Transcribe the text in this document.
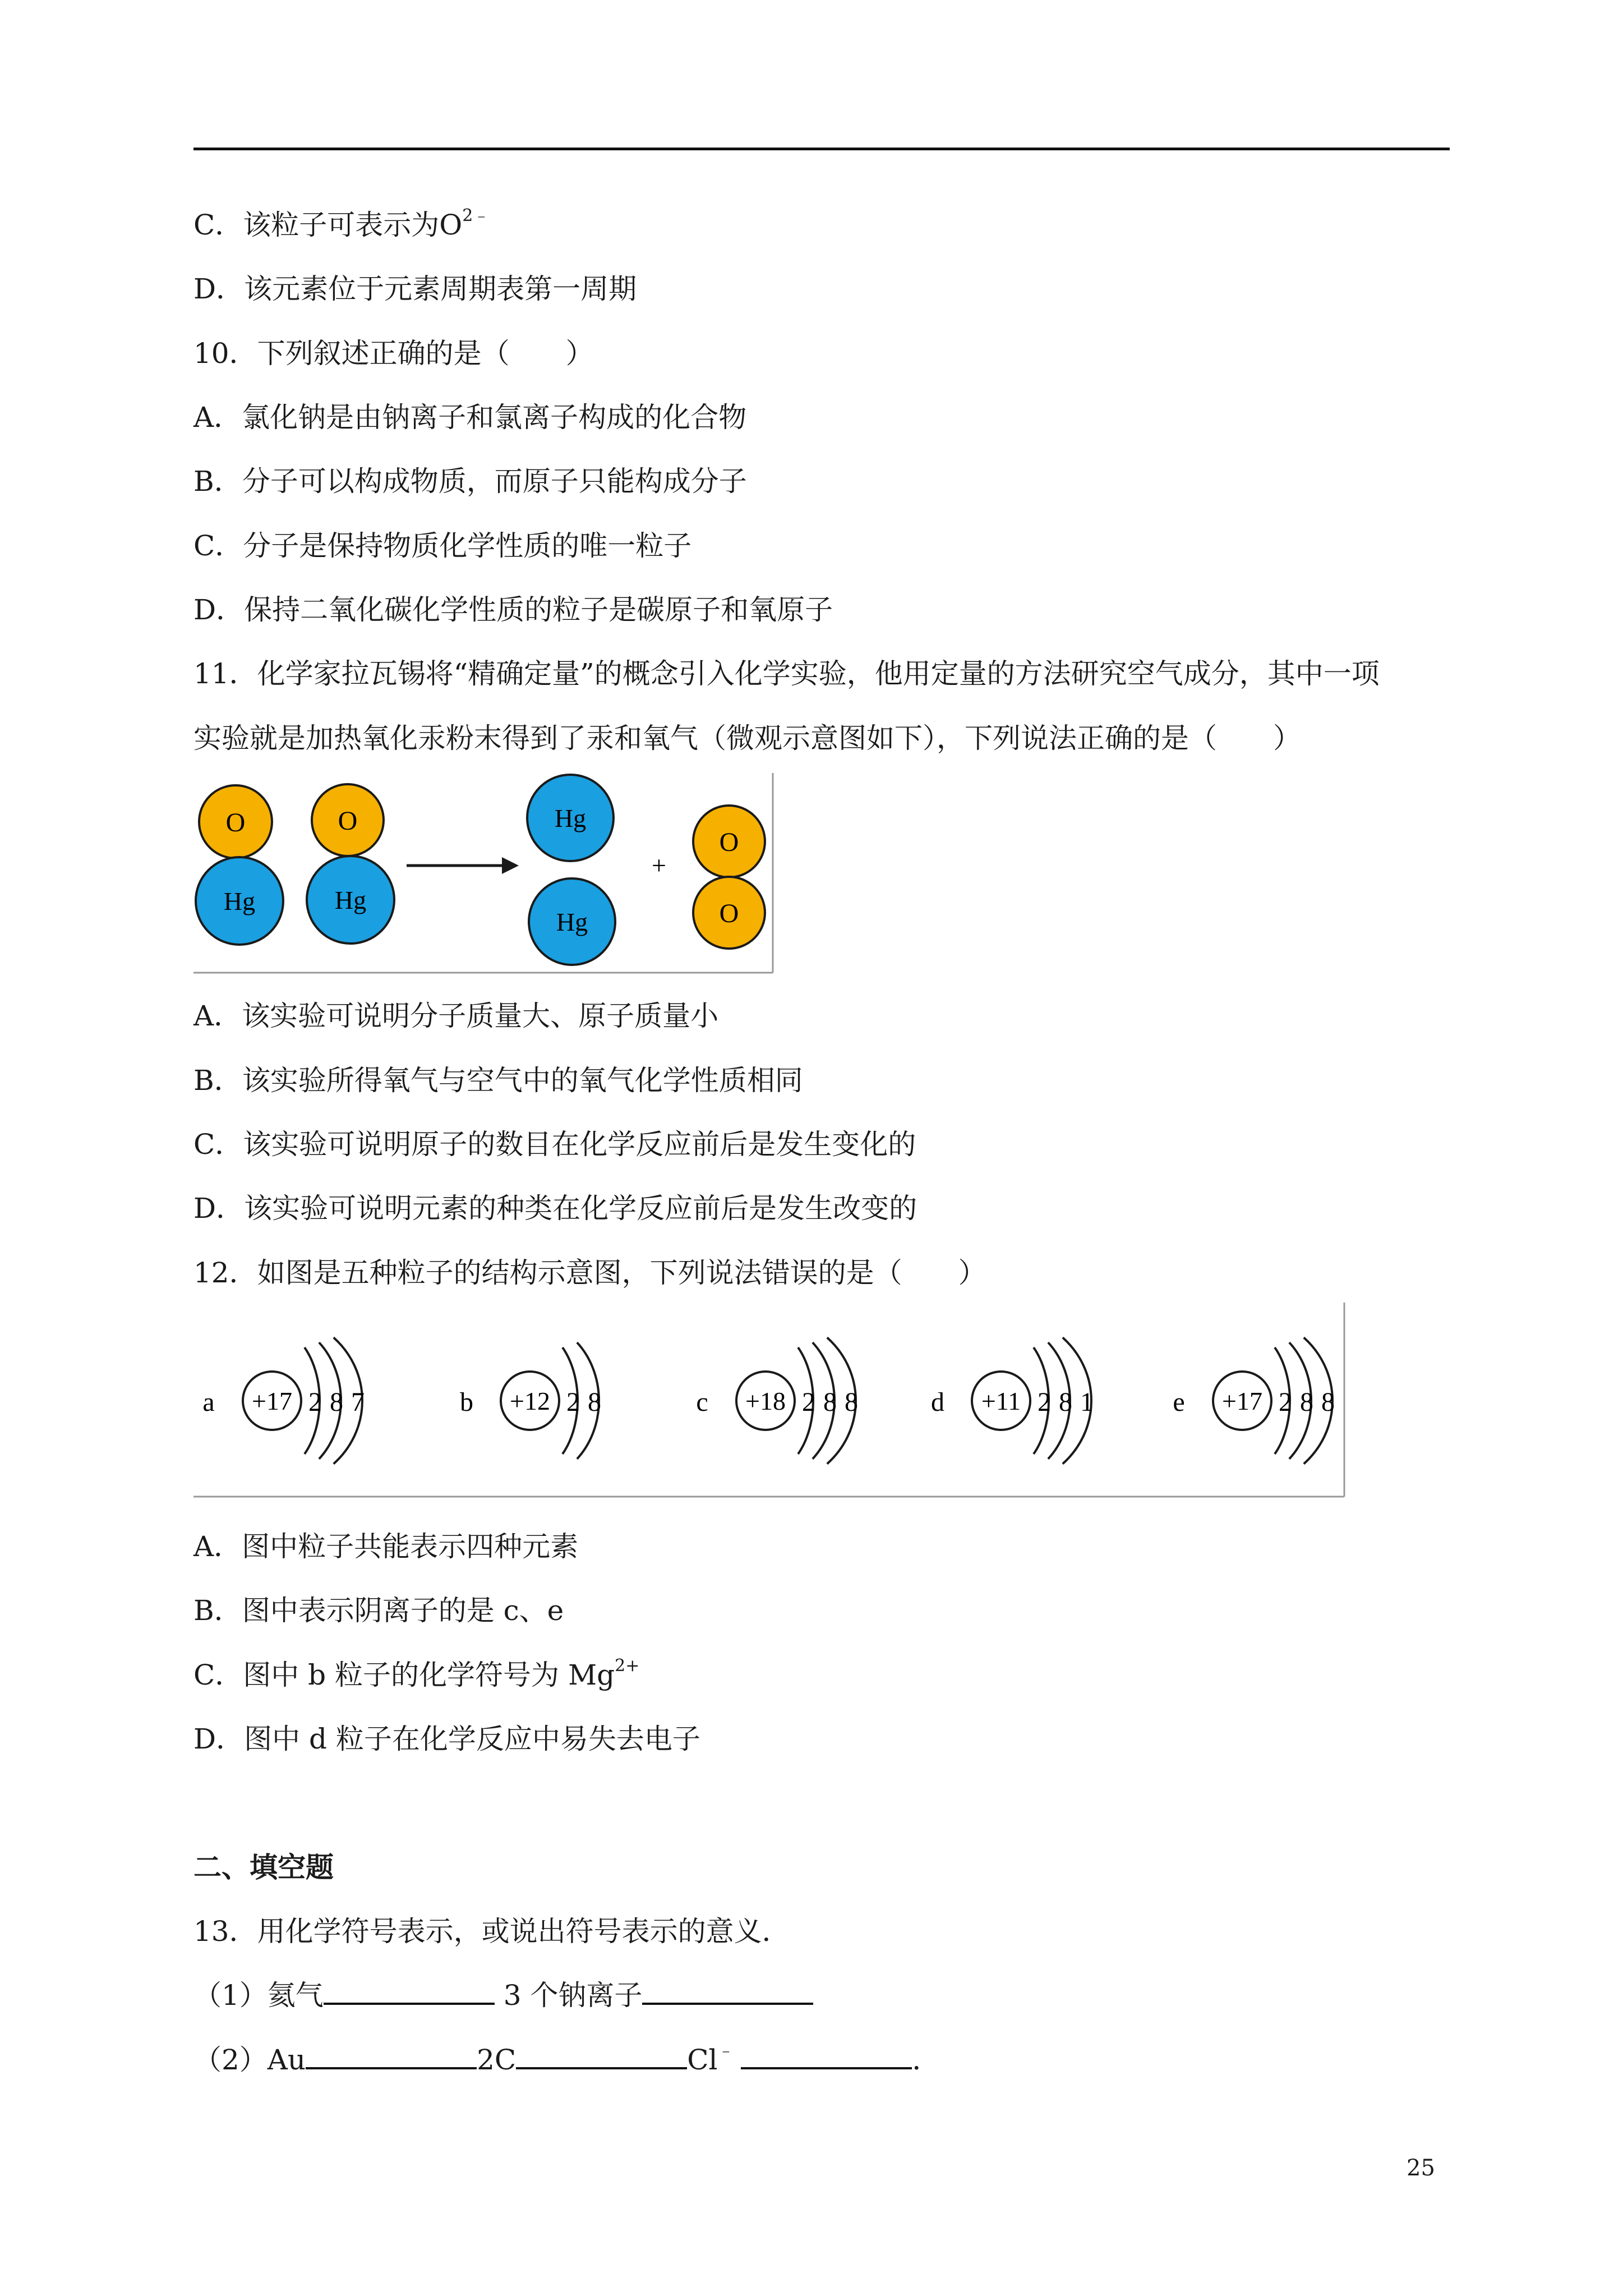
C．该粒子可表示为$O^{2﹣}$
D．该元素位于元素周期表第一周期
10．下列叙述正确的是（　　）
A．氯化钠是由钠离子和氯离子构成的化合物
B．分子可以构成物质，而原子只能构成分子
C．分子是保持物质化学性质的唯一粒子
D．保持二氧化碳化学性质的粒子是碳原子和氧原子
11．化学家拉瓦锡将“精确定量”的概念引入化学实验，他用定量的方法研究空气成分，其中一项
实验就是加热氧化汞粉末得到了汞和氧气（微观示意图如下），下列说法正确的是（　　）
O
Hg
O
Hg
Hg
Hg
+
O
O
A．该实验可说明分子质量大、原子质量小
B．该实验所得氧气与空气中的氧气化学性质相同
C．该实验可说明原子的数目在化学反应前后是发生变化的
D．该实验可说明元素的种类在化学反应前后是发生改变的
12．如图是五种粒子的结构示意图，下列说法错误的是（　　）
a +17 2 8 7	b +12 2 8	c +18 2 8 8	d +11 2 8 1	e +17 2 8 8
A．图中粒子共能表示四种元素
B．图中表示阴离子的是 c、e
C．图中 b 粒子的化学符号为 $Mg^{2+}$
D．图中 d 粒子在化学反应中易失去电子
二、填空题
13．用化学符号表示，或说出符号表示的意义．
（1）氦气	3 个钠离子
（2）Au	2C	Cl﹣	．
25
